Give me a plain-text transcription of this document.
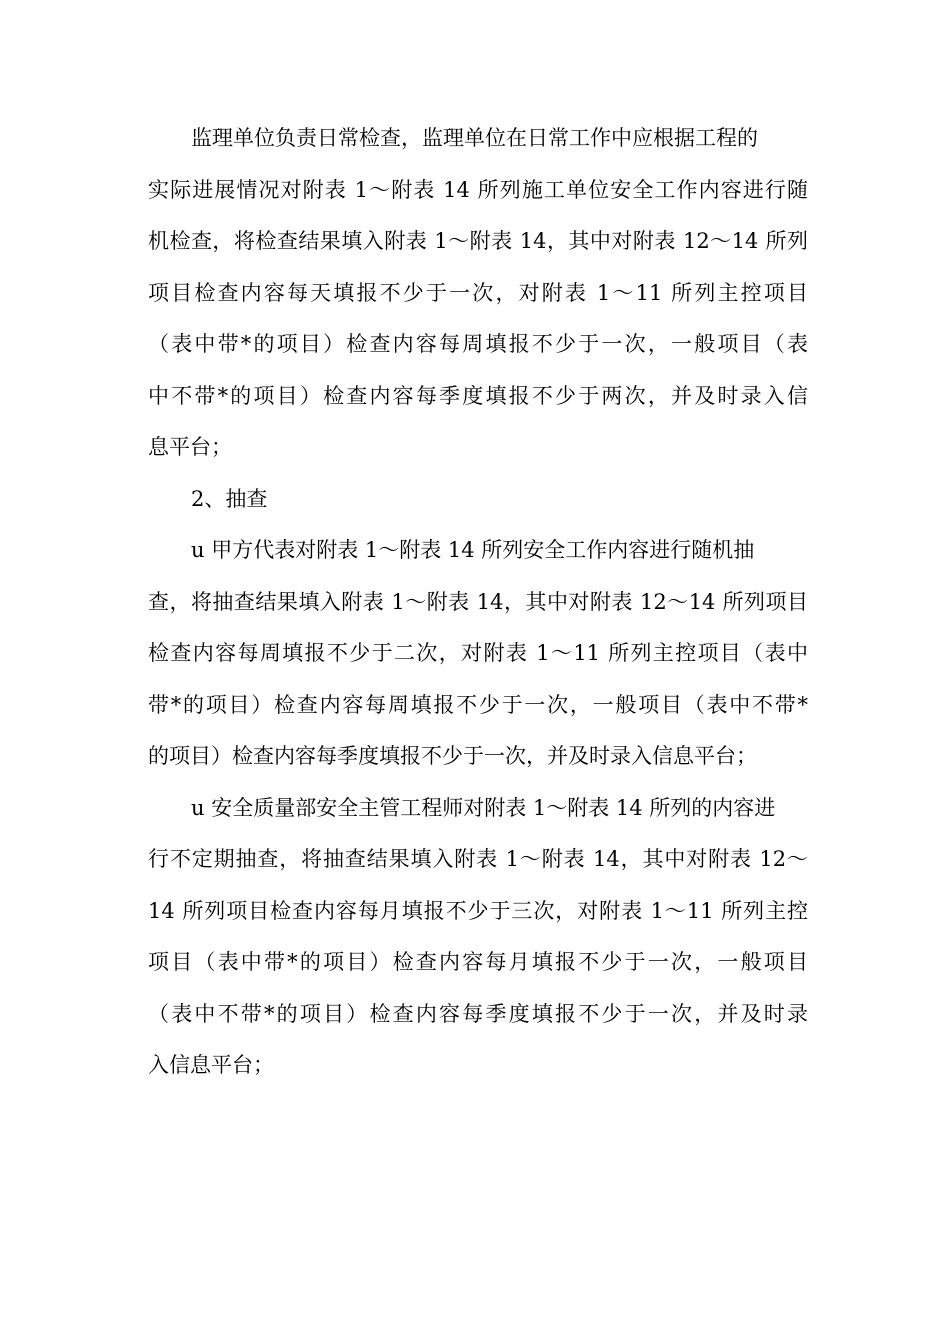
监理单位负责日常检查，监理单位在日常工作中应根据工程的
实际进展情况对附表 1～附表 14 所列施工单位安全工作内容进行随
机检查，将检查结果填入附表 1～附表 14，其中对附表 12～14 所列
项目检查内容每天填报不少于一次，对附表 1～11 所列主控项目
（表中带*的项目）检查内容每周填报不少于一次，一般项目（表
中不带*的项目）检查内容每季度填报不少于两次，并及时录入信
息平台；
2、抽查
u 甲方代表对附表 1～附表 14 所列安全工作内容进行随机抽
查，将抽查结果填入附表 1～附表 14，其中对附表 12～14 所列项目
检查内容每周填报不少于二次，对附表 1～11 所列主控项目（表中
带*的项目）检查内容每周填报不少于一次，一般项目（表中不带*
的项目）检查内容每季度填报不少于一次，并及时录入信息平台；
u 安全质量部安全主管工程师对附表 1～附表 14 所列的内容进
行不定期抽查，将抽查结果填入附表 1～附表 14，其中对附表 12～
14 所列项目检查内容每月填报不少于三次，对附表 1～11 所列主控
项目（表中带*的项目）检查内容每月填报不少于一次，一般项目
（表中不带*的项目）检查内容每季度填报不少于一次，并及时录
入信息平台；
